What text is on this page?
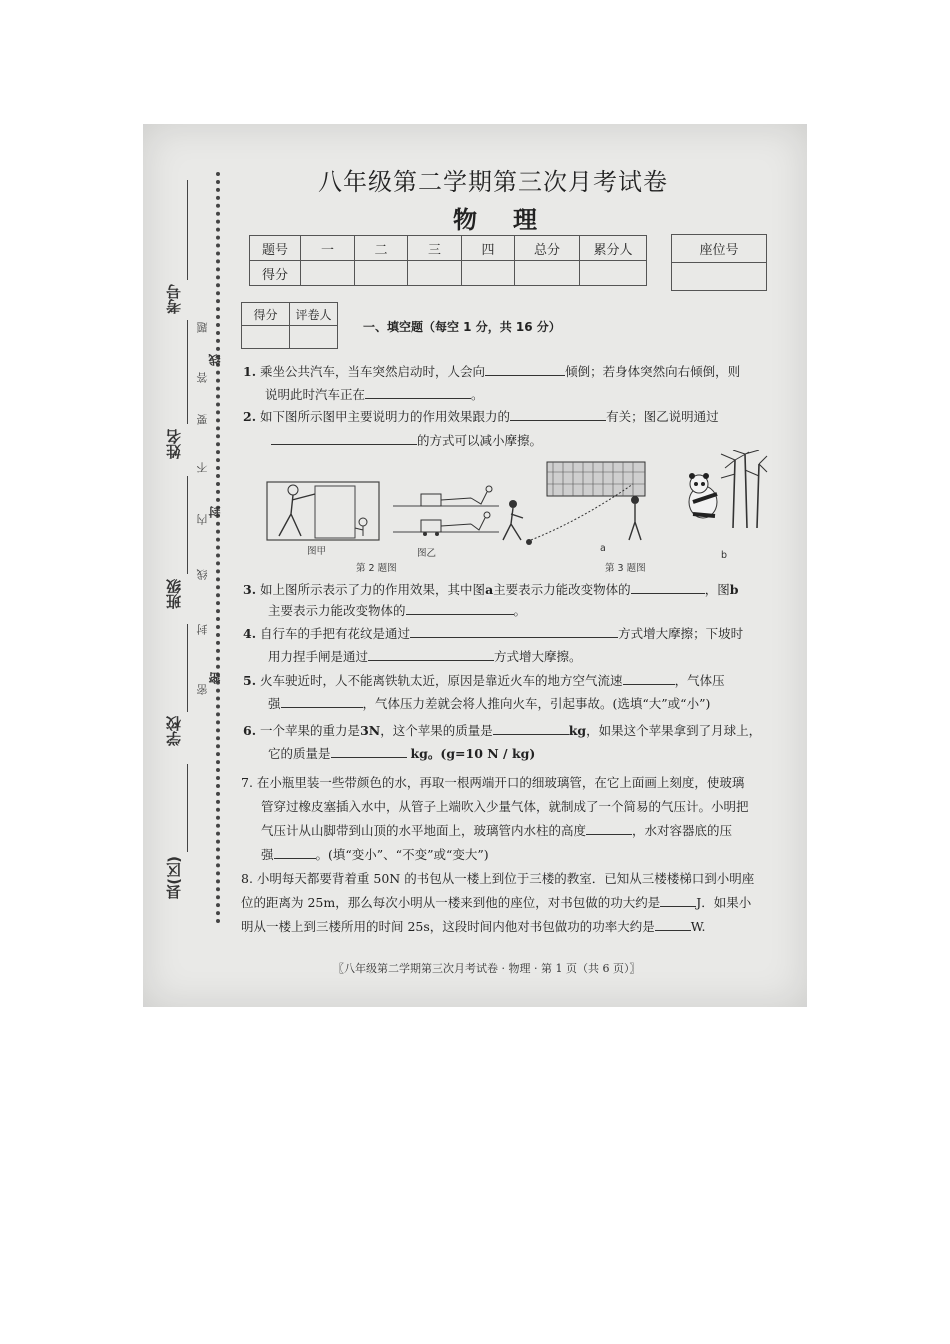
考号
姓名
班级
学校
县(区)
题
答
要
不
内
线
封
密
线
封
密
八年级第二学期第三次月考试卷
物理
题号	一	二	三	四	总分	累分人
得分						
座位号

得分	评卷人

一、填空题（每空 1 分，共 16 分）
1. 乘坐公共汽车，当车突然启动时，人会向	倾倒；若身体突然向右倾倒，则
说明此时汽车正在	。
2. 如下图所示图甲主要说明力的作用效果跟力的	有关；图乙说明通过
的方式可以减小摩擦。
图甲	图乙	a
b
第 2 题图	第 3 题图
3. 如上图所示表示了力的作用效果，其中图a主要表示力能改变物体的	，图b
主要表示力能改变物体的	。
4. 自行车的手把有花纹是通过	方式增大摩擦；下坡时
用力捏手闸是通过	方式增大摩擦。
5. 火车驶近时，人不能离铁轨太近，原因是靠近火车的地方空气流速	，气体压
强	，气体压力差就会将人推向火车，引起事故。(选填“大”或“小”)
6. 一个苹果的重力是3N，这个苹果的质量是	kg，如果这个苹果拿到了月球上，
它的质量是	kg。(g=10 N / kg)
7. 在小瓶里装一些带颜色的水，再取一根两端开口的细玻璃管，在它上面画上刻度，使玻璃
管穿过橡皮塞插入水中，从管子上端吹入少量气体，就制成了一个简易的气压计。小明把
气压计从山脚带到山顶的水平地面上，玻璃管内水柱的高度	，水对容器底的压
强	。(填“变小”、“不变”或“变大”)
8. 小明每天都要背着重 50N 的书包从一楼上到位于三楼的教室．已知从三楼楼梯口到小明座
位的距离为 25m，那么每次小明从一楼来到他的座位，对书包做的功大约是	J．如果小
明从一楼上到三楼所用的时间 25s，这段时间内他对书包做功的功率大约是	W.
〖八年级第二学期第三次月考试卷 · 物理 · 第 1 页（共 6 页）〗
